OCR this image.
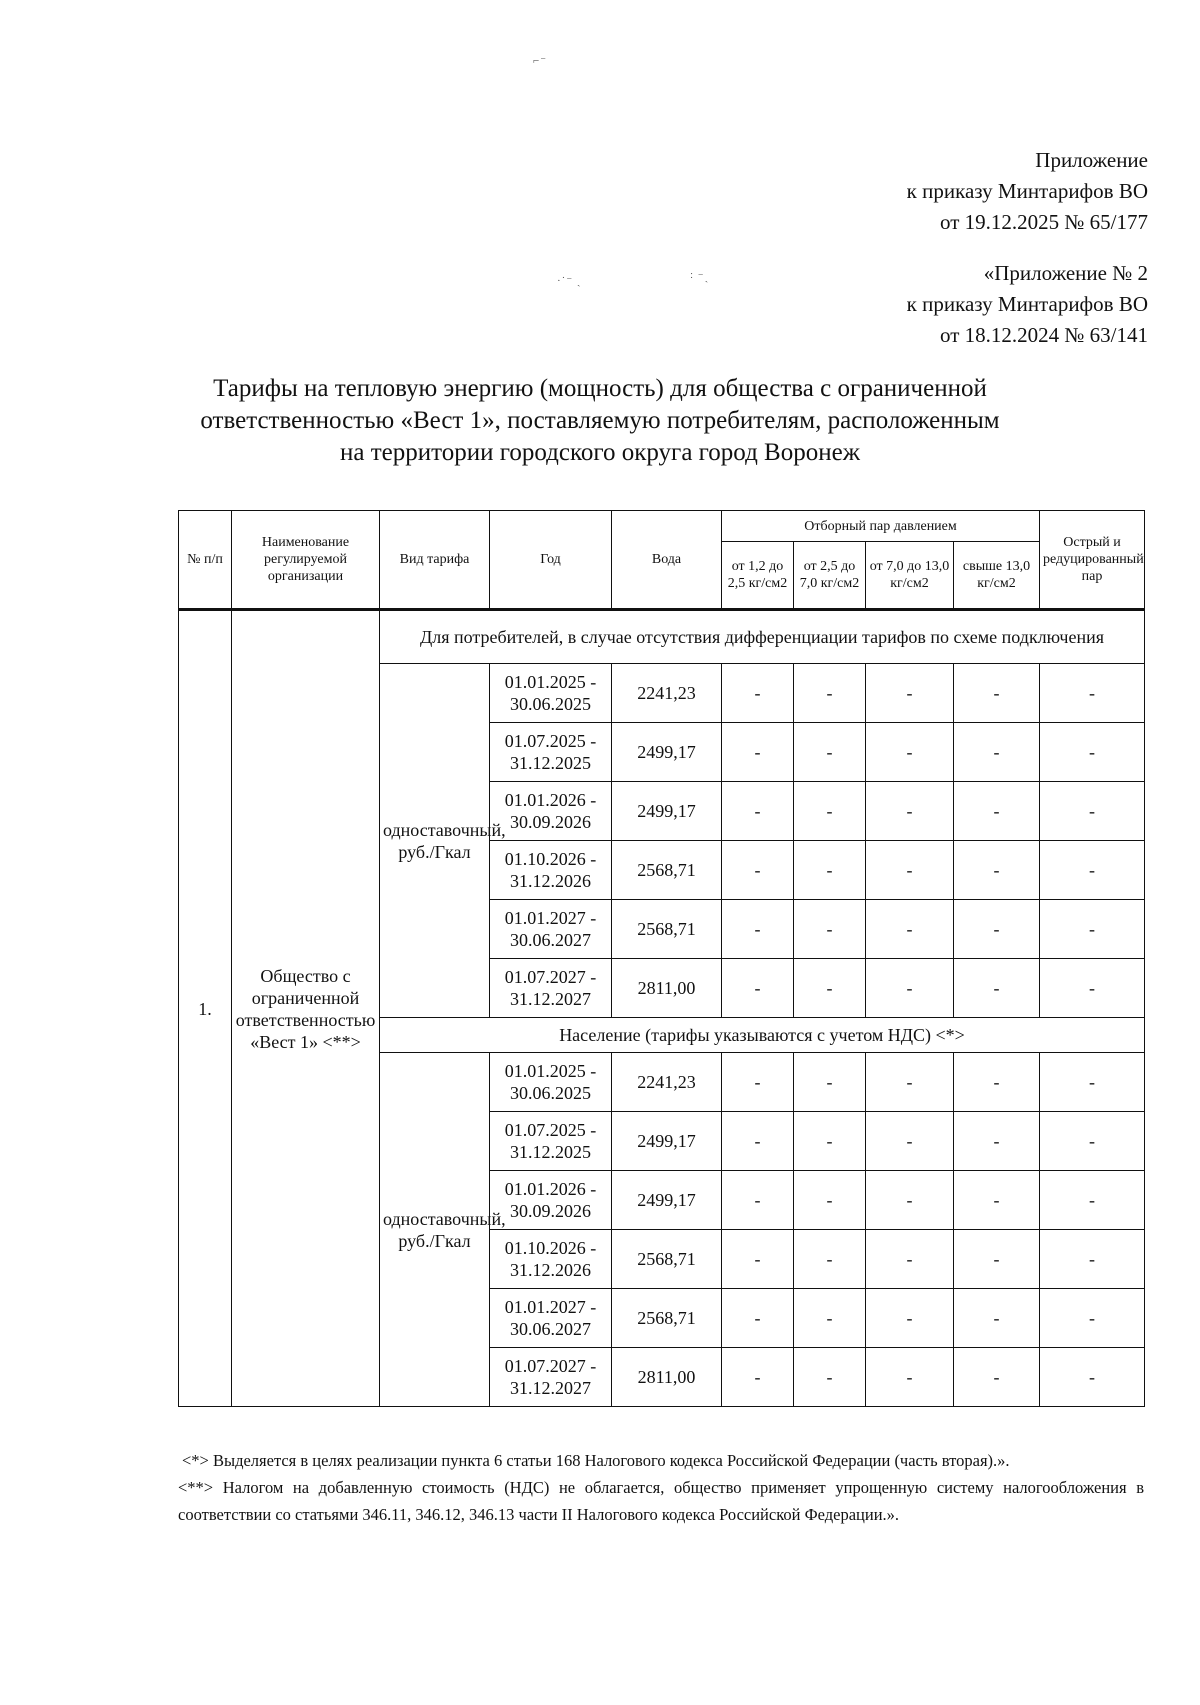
⌐⁻
·˙⁻ ˎ	˸ ⁻ˏ
Приложение
к приказу Минтарифов ВО
от 19.12.2025 № 65/177
«Приложение № 2
к приказу Минтарифов ВО
от 18.12.2024 № 63/141
Тарифы на тепловую энергию (мощность) для общества с ограниченной
ответственностью «Вест 1», поставляемую потребителям, расположенным
на территории городского округа город Воронеж
№ п/п	Наименование регулируемой организации	Вид тарифа	Год	Вода	Отборный пар давлением				Острый и редуцированный пар
					от 1,2 до 2,5 кг/см2	от 2,5 до 7,0 кг/см2	от 7,0 до 13,0 кг/см2	свыше 13,0 кг/см2	
1.	Общество с ограниченной ответственностью «Вест 1» <**>	Для потребителей, в случае отсутствия дифференциации тарифов по схеме подключения							
		одноставочный, руб./Гкал	01.01.2025 - 30.06.2025	2241,23	-	-	-	-	-
			01.07.2025 - 31.12.2025	2499,17	-	-	-	-	-
			01.01.2026 - 30.09.2026	2499,17	-	-	-	-	-
			01.10.2026 - 31.12.2026	2568,71	-	-	-	-	-
			01.01.2027 - 30.06.2027	2568,71	-	-	-	-	-
			01.07.2027 - 31.12.2027	2811,00	-	-	-	-	-
		Население (тарифы указываются с учетом НДС) <*>							
		одноставочный, руб./Гкал	01.01.2025 - 30.06.2025	2241,23	-	-	-	-	-
			01.07.2025 - 31.12.2025	2499,17	-	-	-	-	-
			01.01.2026 - 30.09.2026	2499,17	-	-	-	-	-
			01.10.2026 - 31.12.2026	2568,71	-	-	-	-	-
			01.01.2027 - 30.06.2027	2568,71	-	-	-	-	-
			01.07.2027 - 31.12.2027	2811,00	-	-	-	-	-

<*> Выделяется в целях реализации пункта 6 статьи 168 Налогового кодекса Российской Федерации (часть вторая).».

<**> Налогом на добавленную стоимость (НДС) не облагается, общество применяет упрощенную систему налогообложения в соответствии со статьями 346.11, 346.12, 346.13 части II Налогового кодекса Российской Федерации.».
